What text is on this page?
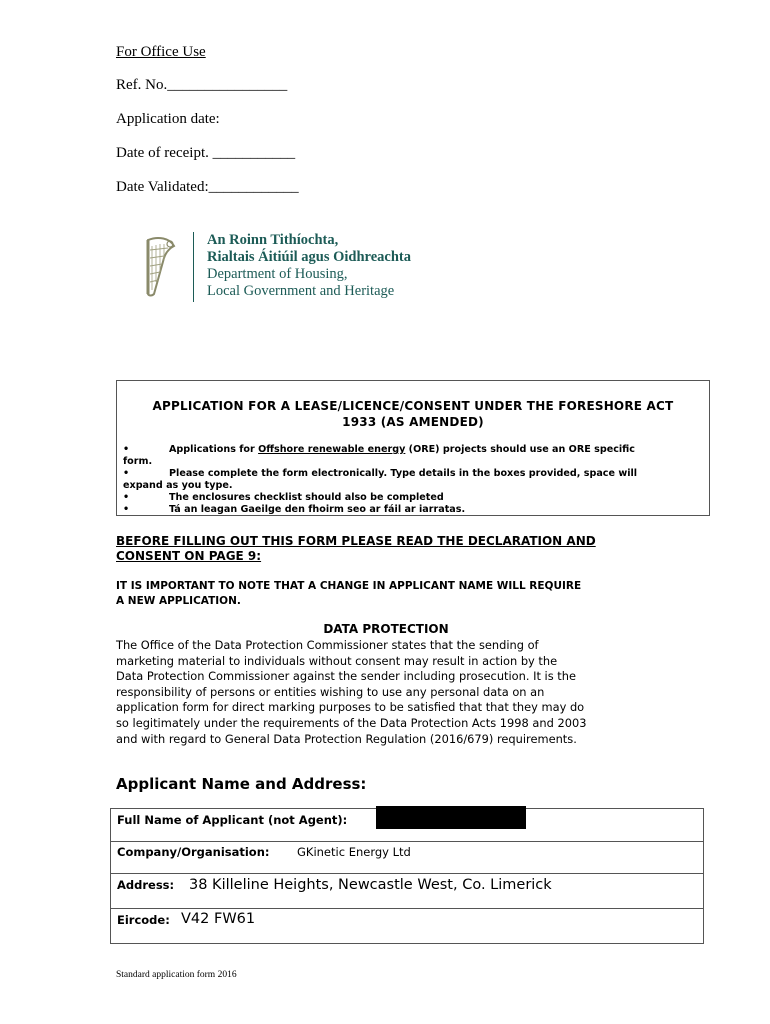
For Office Use
Ref. No.________________
Application date:
Date of receipt. ___________
Date Validated:____________
An Roinn Tithíochta,
Rialtais Áitiúil agus Oidhreachta
Department of Housing,
Local Government and Heritage
APPLICATION FOR A LEASE/LICENCE/CONSENT UNDER THE FORESHORE ACT
1933 (AS AMENDED)
•	Applications for Offshore renewable energy (ORE) projects should use an ORE specific
form.
•	Please complete the form electronically. Type details in the boxes provided, space will
expand as you type.
•	The enclosures checklist should also be completed
•	Tá an leagan Gaeilge den fhoirm seo ar fáil ar iarratas.
BEFORE FILLING OUT THIS FORM PLEASE READ THE DECLARATION AND
CONSENT ON PAGE 9:
IT IS IMPORTANT TO NOTE THAT A CHANGE IN APPLICANT NAME WILL REQUIRE
A NEW APPLICATION.
DATA PROTECTION
The Office of the Data Protection Commissioner states that the sending of
marketing material to individuals without consent may result in action by the
Data Protection Commissioner against the sender including prosecution. It is the
responsibility of persons or entities wishing to use any personal data on an
application form for direct marking purposes to be satisfied that that they may do
so legitimately under the requirements of the Data Protection Acts 1998 and 2003
and with regard to General Data Protection Regulation (2016/679) requirements.
Applicant Name and Address:
Full Name of Applicant (not Agent):
Company/Organisation: GKinetic Energy Ltd
Address: 38 Killeline Heights, Newcastle West, Co. Limerick
Eircode: V42 FW61
Standard application form 2016
